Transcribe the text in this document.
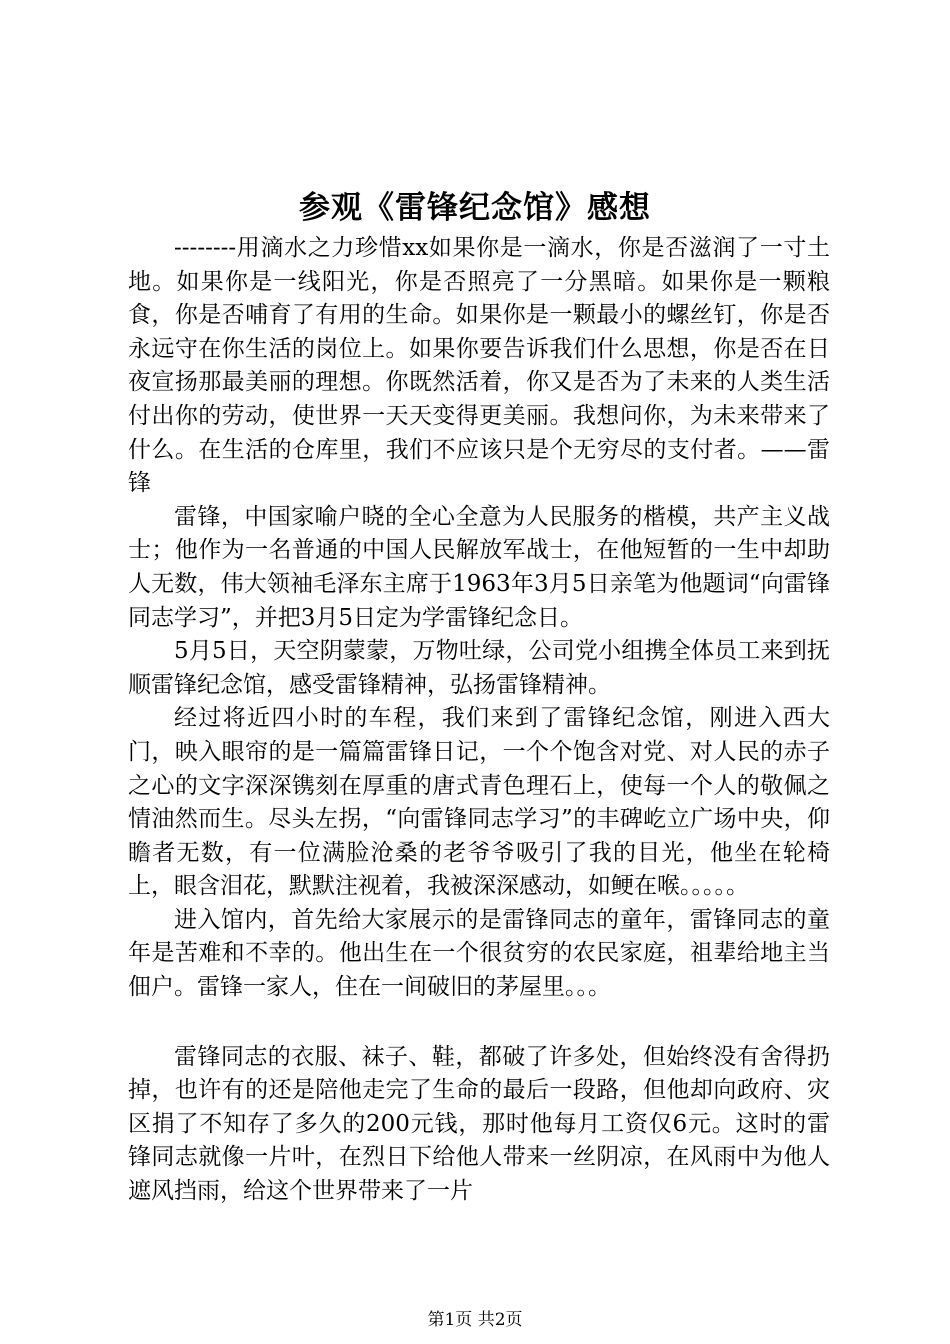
参观《雷锋纪念馆》感想

--------用滴水之力珍惜xx如果你是一滴水，你是否滋润了一寸土地。如果你是一线阳光，你是否照亮了一分黑暗。如果你是一颗粮食，你是否哺育了有用的生命。如果你是一颗最小的螺丝钉，你是否永远守在你生活的岗位上。如果你要告诉我们什么思想，你是否在日夜宣扬那最美丽的理想。你既然活着，你又是否为了未来的人类生活付出你的劳动，使世界一天天变得更美丽。我想问你，为未来带来了什么。在生活的仓库里，我们不应该只是个无穷尽的支付者。——雷锋

雷锋，中国家喻户晓的全心全意为人民服务的楷模，共产主义战士；他作为一名普通的中国人民解放军战士，在他短暂的一生中却助人无数，伟大领袖毛泽东主席于1963年3月5日亲笔为他题词“向雷锋同志学习”，并把3月5日定为学雷锋纪念日。

5月5日，天空阴蒙蒙，万物吐绿，公司党小组携全体员工来到抚顺雷锋纪念馆，感受雷锋精神，弘扬雷锋精神。

经过将近四小时的车程，我们来到了雷锋纪念馆，刚进入西大门，映入眼帘的是一篇篇雷锋日记，一个个饱含对党、对人民的赤子之心的文字深深镌刻在厚重的唐式青色理石上，使每一个人的敬佩之情油然而生。尽头左拐，“向雷锋同志学习”的丰碑屹立广场中央，仰瞻者无数，有一位满脸沧桑的老爷爷吸引了我的目光，他坐在轮椅上，眼含泪花，默默注视着，我被深深感动，如鲠在喉。。。。。

进入馆内，首先给大家展示的是雷锋同志的童年，雷锋同志的童年是苦难和不幸的。他出生在一个很贫穷的农民家庭，祖辈给地主当佃户。雷锋一家人，住在一间破旧的茅屋里。。。

雷锋同志的衣服、袜子、鞋，都破了许多处，但始终没有舍得扔掉，也许有的还是陪他走完了生命的最后一段路，但他却向政府、灾区捐了不知存了多久的200元钱，那时他每月工资仅6元。这时的雷锋同志就像一片叶，在烈日下给他人带来一丝阴凉，在风雨中为他人遮风挡雨，给这个世界带来了一片

第1页 共2页
